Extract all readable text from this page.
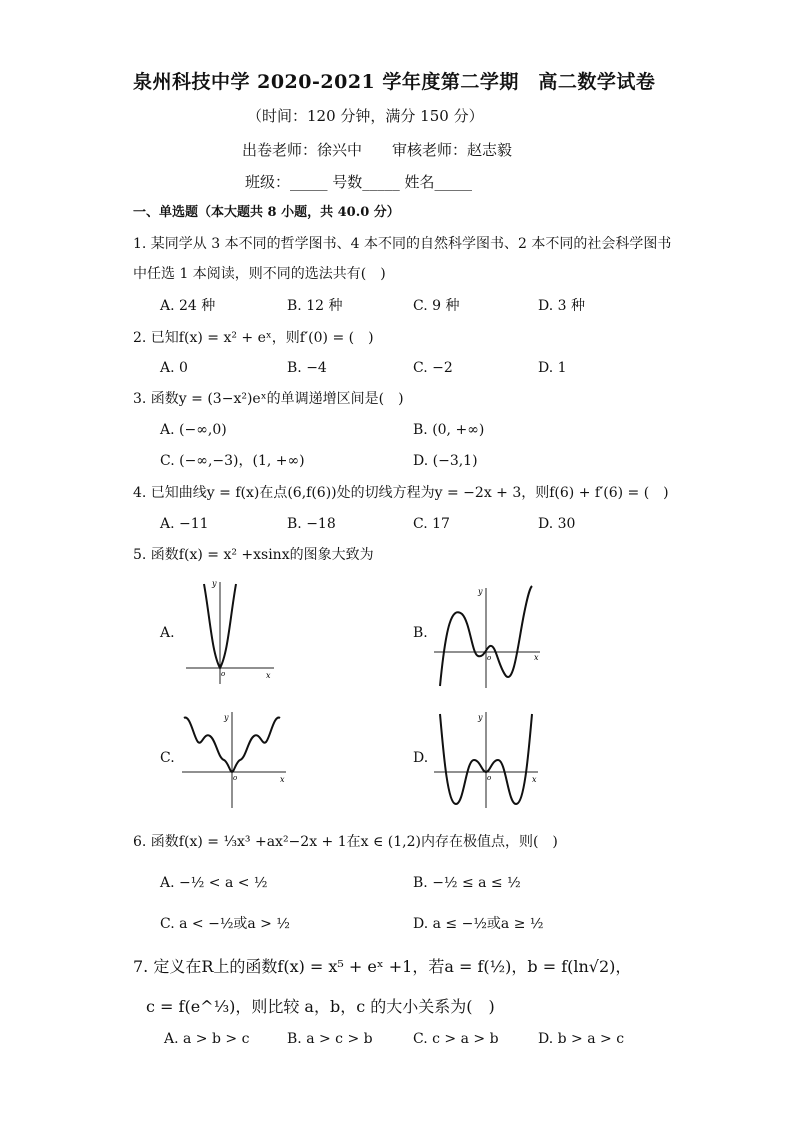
泉州科技中学 2020-2021 学年度第二学期　高二数学试卷
（时间：120 分钟，满分 150 分）
出卷老师：徐兴中　　审核老师：赵志毅
班级：_____ 号数_____ 姓名_____
一、单选题（本大题共 8 小题，共 40.0 分）
1. 某同学从 3 本不同的哲学图书、4 本不同的自然科学图书、2 本不同的社会科学图书
中任选 1 本阅读，则不同的选法共有(　)
A. 24 种	B. 12 种	C. 9 种	D. 3 种
2. 已知f(x) = x² + eˣ，则f′(0) = (　)
A. 0	B. −4	C. −2	D. 1
3. 函数y = (3−x²)eˣ的单调递增区间是(　)
A. (−∞,0)	B. (0, +∞)
C. (−∞,−3)，(1, +∞)	D. (−3,1)
4. 已知曲线y = f(x)在点(6,f(6))处的切线方程为y = −2x + 3，则f(6) + f′(6) = (　)
A. −11	B. −18	C. 17	D. 30
5. 函数f(x) = x² +xsinx的图象大致为
A.
x
y
o
B.
x
y
o
C.
x
y
o
D.
x
y
o
6. 函数f(x) = ⅓x³ +ax²−2x + 1在x ∈ (1,2)内存在极值点，则(　)
A. −½ < a < ½	B. −½ ≤ a ≤ ½
C. a < −½或a > ½	D. a ≤ −½或a ≥ ½
7. 定义在R上的函数f(x) = x⁵ + eˣ +1，若a = f(½)，b = f(ln√2)，
c = f(e^⅓)，则比较 a，b，c 的大小关系为(　)
A. a > b > c	B. a > c > b	C. c > a > b	D. b > a > c
